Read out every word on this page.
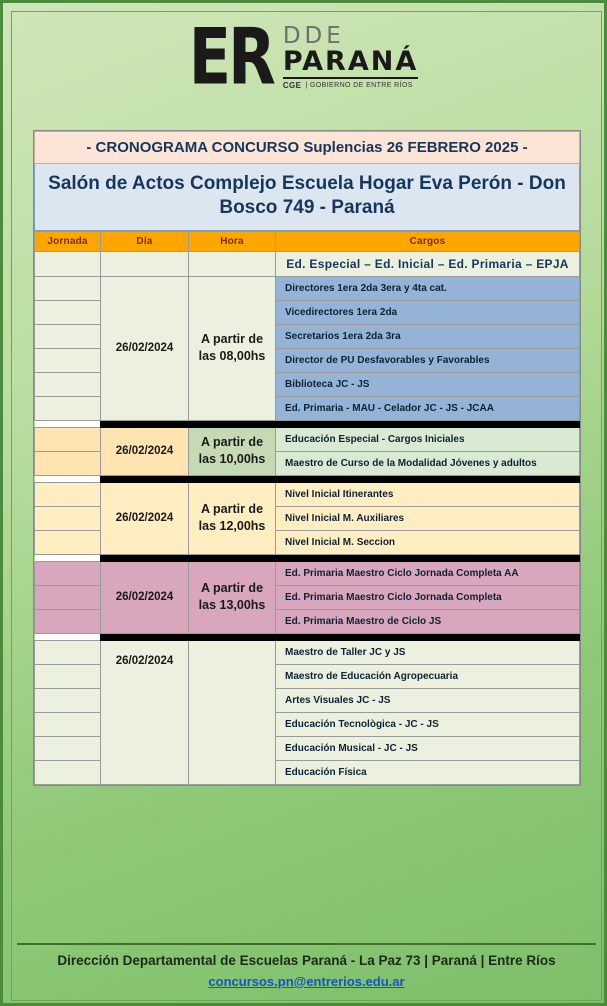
ER DDE
PARANÁ
CGE | GOBIERNO DE ENTRE RÍOS
- CRONOGRAMA CONCURSO Suplencias 26 FEBRERO 2025 -
Salón de Actos Complejo Escuela Hogar Eva Perón - Don Bosco 749 - Paraná
Jornada	Día	Hora	Cargos
			Ed. Especial – Ed. Inicial – Ed. Primaria – EPJA
	26/02/2024	A partir de las 08,00hs	Directores 1era 2da 3era y 4ta cat.
			Vicedirectores 1era 2da
			Secretarios 1era 2da 3ra
			Director de PU Desfavorables y Favorables
			Biblioteca JC - JS
			Ed. Primaria - MAU - Celador JC - JS - JCAA

	26/02/2024	A partir de las 10,00hs	Educación Especial - Cargos Iniciales
			Maestro de Curso de la Modalidad Jóvenes y adultos

	26/02/2024	A partir de las 12,00hs	Nivel Inicial Itinerantes
			Nivel Inicial M. Auxiliares
			Nivel Inicial M. Seccion

	26/02/2024	A partir de las 13,00hs	Ed. Primaria Maestro Ciclo Jornada Completa AA
			Ed. Primaria Maestro Ciclo Jornada Completa
			Ed. Primaria Maestro de Ciclo JS

	26/02/2024		Maestro de Taller JC y JS
			Maestro de Educación Agropecuaria
			Artes Visuales JC - JS
			Educación Tecnològica - JC - JS
			Educación Musical - JC - JS
			Educación Física
Dirección Departamental de Escuelas Paraná - La Paz 73 | Paraná | Entre Ríos
concursos.pn@entrerios.edu.ar
